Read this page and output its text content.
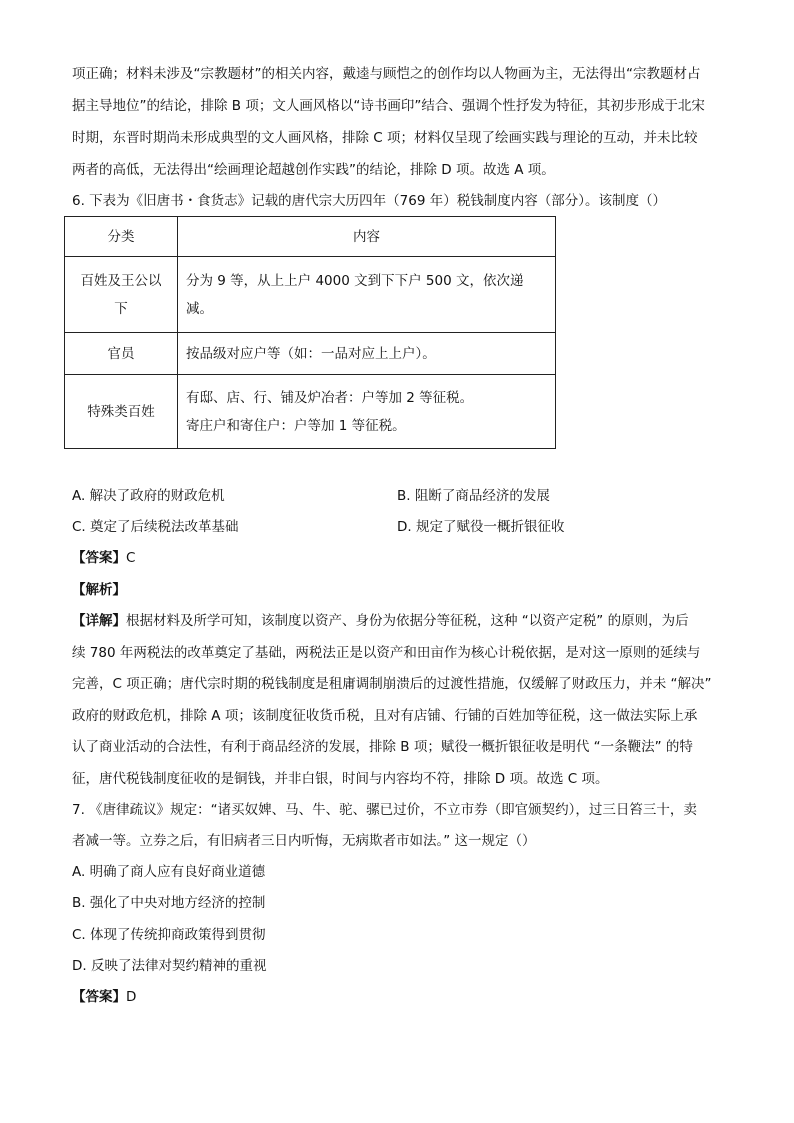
项正确；材料未涉及“宗教题材”的相关内容，戴逵与顾恺之的创作均以人物画为主，无法得出“宗教题材占
据主导地位”的结论，排除 B 项；文人画风格以“诗书画印”结合、强调个性抒发为特征，其初步形成于北宋
时期，东晋时期尚未形成典型的文人画风格，排除 C 项；材料仅呈现了绘画实践与理论的互动，并未比较
两者的高低，无法得出“绘画理论超越创作实践”的结论，排除 D 项。故选 A 项。
6. 下表为《旧唐书・食货志》记载的唐代宗大历四年（769 年）税钱制度内容（部分）。该制度（）
分类	内容

百姓及王公以
下	分为 9 等，从上上户 4000 文到下下户 500 文，依次递减。

官员	按品级对应户等（如：一品对应上上户）。

特殊类百姓	有邸、店、行、铺及炉冶者：户等加 2 等征税。
寄庄户和寄住户：户等加 1 等征税。
A. 解决了政府的财政危机	B. 阻断了商品经济的发展
C. 奠定了后续税法改革基础	D. 规定了赋役一概折银征收
【答案】C
【解析】
【详解】根据材料及所学可知，该制度以资产、身份为依据分等征税，这种 “以资产定税” 的原则，为后
续 780 年两税法的改革奠定了基础，两税法正是以资产和田亩作为核心计税依据，是对这一原则的延续与
完善，C 项正确；唐代宗时期的税钱制度是租庸调制崩溃后的过渡性措施，仅缓解了财政压力，并未 “解决”
政府的财政危机，排除 A 项；该制度征收货币税，且对有店铺、行铺的百姓加等征税，这一做法实际上承
认了商业活动的合法性，有利于商品经济的发展，排除 B 项；赋役一概折银征收是明代 “一条鞭法” 的特
征，唐代税钱制度征收的是铜钱，并非白银，时间与内容均不符，排除 D 项。故选 C 项。
7. 《唐律疏议》规定：“诸买奴婢、马、牛、驼、骡已过价，不立市券（即官颁契约），过三日笞三十，卖
者减一等。立券之后，有旧病者三日内听悔，无病欺者市如法。” 这一规定（）
A. 明确了商人应有良好商业道德
B. 强化了中央对地方经济的控制
C. 体现了传统抑商政策得到贯彻
D. 反映了法律对契约精神的重视
【答案】D
